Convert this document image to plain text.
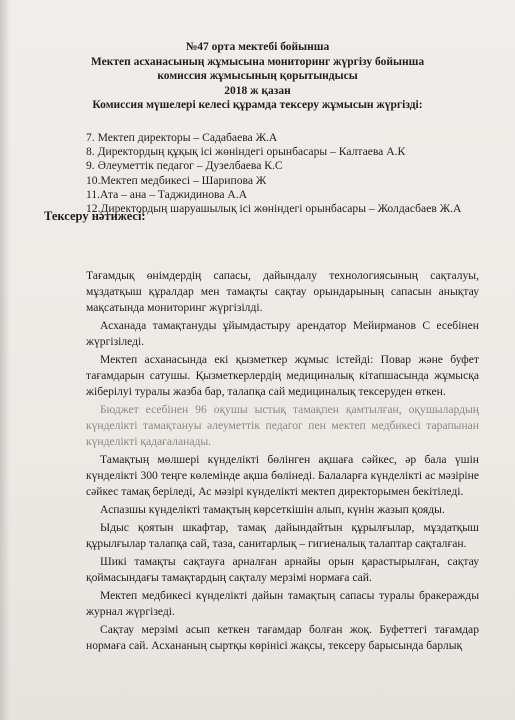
№47 орта мектебі бойынша
Мектеп асханасының жұмысына мониторинг жүргізу бойынша
комиссия жұмысының қорытындысы
2018 ж қазан
Комиссия мүшелері келесі құрамда тексеру жұмысын жүргізді:
7. Мектеп директоры – Садабаева Ж.А
8. Директордың құқық ісі жөніндегі орынбасары – Калтаева А.К
9. Әлеуметтік педагог – Дузелбаева К.С
10.Мектеп медбикесі – Шарипова Ж
11.Ата – ана – Таджидинова А.А
12.Директордың шаруашылық ісі жөніндегі орынбасары – Жолдасбаев Ж.А
Тексеру нәтижесі:

Тағамдық өнімдердің сапасы, дайындалу технологиясының сақталуы, мұздатқыш құралдар мен тамақты сақтау орындарының сапасын анықтау мақсатында мониторинг жүргізілді.

Асханада тамақтануды ұйымдастыру арендатор Мейирманов С есебінен жүргізіледі.

Мектеп асханасында екі қызметкер жұмыс істейді: Повар және буфет тағамдарын сатушы. Қызметкерлердің медициналық кітапшасында жұмысқа жіберілуі туралы жазба бар, талапқа сай медициналық тексеруден өткен.

Бюджет есебінен 96 оқушы ыстық тамақпен қамтылған, оқушылардың күнделікті тамақтануы әлеуметтік педагог пен мектеп медбикесі тарапынан күнделікті қадағаланады.

Тамақтың мөлшері күнделікті бөлінген ақшаға сәйкес, әр бала үшін күнделікті 300 теңге көлемінде ақша бөлінеді. Балаларға күнделікті ас мәзіріне сәйкес тамақ беріледі, Ас мәзірі күнделікті мектеп директорымен бекітіледі.

Аспазшы күнделікті тамақтың көрсеткішін алып, күнін жазып қояды.

Ыдыс қоятын шкафтар, тамақ дайындайтын құрылғылар, мұздатқыш құрылғылар талапқа сай, таза, санитарлық – гигиеналық талаптар сақталған.

Шикі тамақты сақтауға арналған арнайы орын қарастырылған, сақтау қоймасындағы тамақтардың сақталу мерзімі нормаға сай.

Мектеп медбикесі күнделікті дайын тамақтың сапасы туралы бракеражды журнал жүргізеді.

Сақтау мерзімі асып кеткен тағамдар болған жоқ. Буфеттегі тағамдар нормаға сай. Асхананың сыртқы көрінісі жақсы, тексеру барысында барлық
